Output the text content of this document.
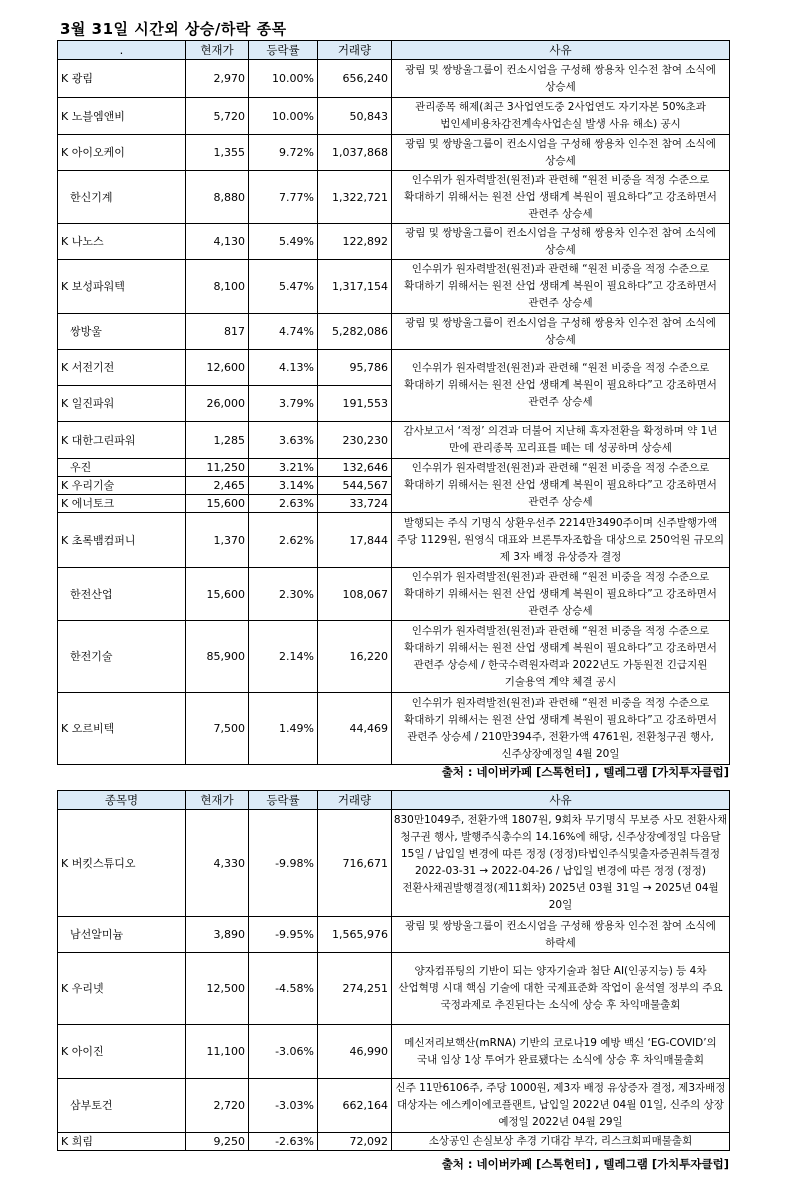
3월 31일 시간외 상승/하락 종목
.	현재가	등락률	거래량	사유
K 광림	2,970	10.00%	656,240	광림 및 쌍방울그룹이 컨소시엄을 구성해 쌍용차 인수전 참여 소식에 상승세
K 노블엠앤비	5,720	10.00%	50,843	관리종목 해제(최근 3사업연도중 2사업연도 자기자본 50%초과 법인세비용차감전계속사업손실 발생 사유 해소) 공시
K 아이오케이	1,355	9.72%	1,037,868	광림 및 쌍방울그룹이 컨소시엄을 구성해 쌍용차 인수전 참여 소식에 상승세
한신기계	8,880	7.77%	1,322,721	인수위가 원자력발전(원전)과 관련해 “원전 비중을 적정 수준으로 확대하기 위해서는 원전 산업 생태계 복원이 필요하다”고 강조하면서 관련주 상승세
K 나노스	4,130	5.49%	122,892	광림 및 쌍방울그룹이 컨소시엄을 구성해 쌍용차 인수전 참여 소식에 상승세
K 보성파워텍	8,100	5.47%	1,317,154	인수위가 원자력발전(원전)과 관련해 “원전 비중을 적정 수준으로 확대하기 위해서는 원전 산업 생태계 복원이 필요하다”고 강조하면서 관련주 상승세
쌍방울	817	4.74%	5,282,086	광림 및 쌍방울그룹이 컨소시엄을 구성해 쌍용차 인수전 참여 소식에 상승세
K 서전기전	12,600	4.13%	95,786	인수위가 원자력발전(원전)과 관련해 “원전 비중을 적정 수준으로 확대하기 위해서는 원전 산업 생태계 복원이 필요하다”고 강조하면서 관련주 상승세
K 일진파워	26,000	3.79%	191,553	
K 대한그린파워	1,285	3.63%	230,230	감사보고서 ‘적정’ 의견과 더불어 지난해 흑자전환을 확정하며 약 1년 만에 관리종목 꼬리표를 떼는 데 성공하며 상승세
우진	11,250	3.21%	132,646	인수위가 원자력발전(원전)과 관련해 “원전 비중을 적정 수준으로 확대하기 위해서는 원전 산업 생태계 복원이 필요하다”고 강조하면서 관련주 상승세
K 우리기술	2,465	3.14%	544,567	
K 에너토크	15,600	2.63%	33,724	
K 초록뱀컴퍼니	1,370	2.62%	17,844	발행되는 주식 기명식 상환우선주 2214만3490주이며 신주발행가액 주당 1129원, 원영식 대표와 브론투자조합을 대상으로 250억원 규모의 제 3자 배정 유상증자 결정
한전산업	15,600	2.30%	108,067	인수위가 원자력발전(원전)과 관련해 “원전 비중을 적정 수준으로 확대하기 위해서는 원전 산업 생태계 복원이 필요하다”고 강조하면서 관련주 상승세
한전기술	85,900	2.14%	16,220	인수위가 원자력발전(원전)과 관련해 “원전 비중을 적정 수준으로 확대하기 위해서는 원전 산업 생태계 복원이 필요하다”고 강조하면서 관련주 상승세 / 한국수력원자력과 2022년도 가동원전 긴급지원 기술용역 계약 체결 공시
K 오르비텍	7,500	1.49%	44,469	인수위가 원자력발전(원전)과 관련해 “원전 비중을 적정 수준으로 확대하기 위해서는 원전 산업 생태계 복원이 필요하다”고 강조하면서 관련주 상승세 / 210만394주, 전환가액 4761원, 전환청구권 행사, 신주상장예정일 4월 20일
출처 : 네이버카페 [스톡헌터] , 텔레그램 [가치투자클럽]
종목명	현재가	등락률	거래량	사유
K 버킷스튜디오	4,330	-9.98%	716,671	830만1049주, 전환가액 1807원, 9회차 무기명식 무보증 사모 전환사채 청구권 행사, 발행주식총수의 14.16%에 해당, 신주상장예정일 다음달 15일 / 납입일 변경에 따른 정정 (정정)타법인주식및출자증권취득결정 2022-03-31 → 2022-04-26 / 납입일 변경에 따른 정정 (정정)전환사채권발행결정(제11회차) 2025년 03월 31일 → 2025년 04월 20일
남선알미늄	3,890	-9.95%	1,565,976	광림 및 쌍방울그룹이 컨소시엄을 구성해 쌍용차 인수전 참여 소식에 하락세
K 우리넷	12,500	-4.58%	274,251	양자컴퓨팅의 기반이 되는 양자기술과 첨단 AI(인공지능) 등 4차 산업혁명 시대 핵심 기술에 대한 국제표준화 작업이 윤석열 정부의 주요 국정과제로 추진된다는 소식에 상승 후 차익매물출회
K 아이진	11,100	-3.06%	46,990	메신저리보핵산(mRNA) 기반의 코로나19 예방 백신 ‘EG-COVID’의 국내 임상 1상 투여가 완료됐다는 소식에 상승 후 차익매물출회
삼부토건	2,720	-3.03%	662,164	신주 11만6106주, 주당 1000원, 제3자 배정 유상증자 결정, 제3자배정 대상자는 에스케이에코플랜트, 납입일 2022년 04월 01일, 신주의 상장 예정일 2022년 04월 29일
K 희림	9,250	-2.63%	72,092	소상공인 손실보상 추경 기대감 부각, 리스크회피매물출회
출처 : 네이버카페 [스톡헌터] , 텔레그램 [가치투자클럽]
